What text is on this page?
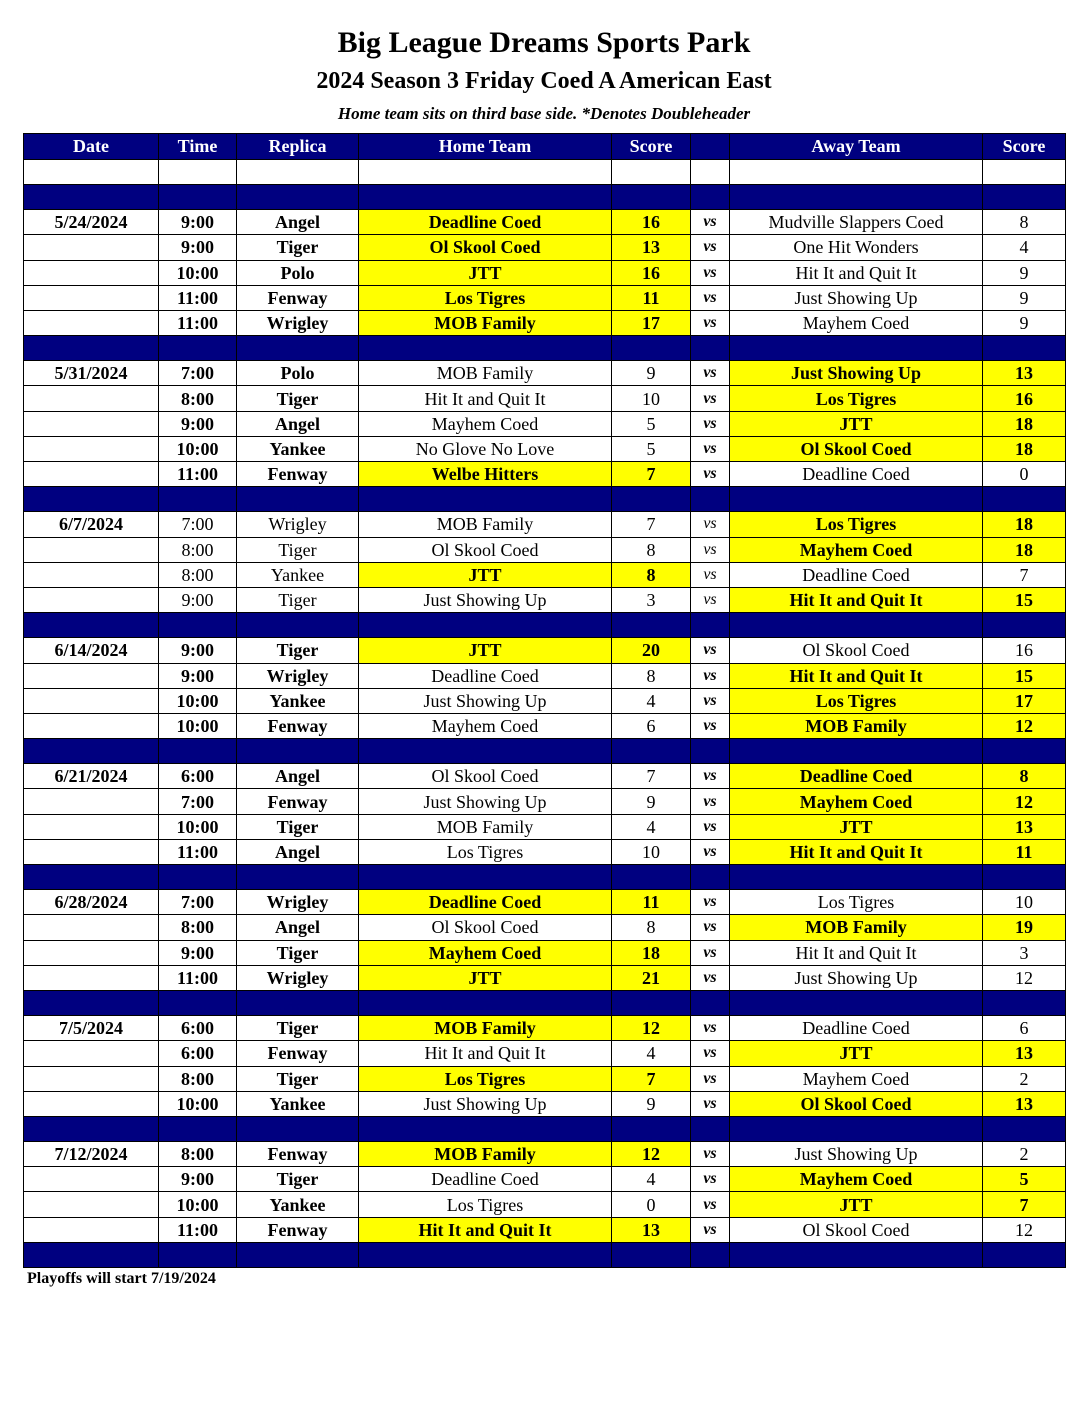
Big League Dreams Sports Park
2024 Season 3 Friday Coed A American East
Home team sits on third base side. *Denotes Doubleheader
Date	Time	Replica	Home Team	Score		Away Team	Score

5/24/2024	9:00	Angel	Deadline Coed	16	vs	Mudville Slappers Coed	8
	9:00	Tiger	Ol Skool Coed	13	vs	One Hit Wonders	4
	10:00	Polo	JTT	16	vs	Hit It and Quit It	9
	11:00	Fenway	Los Tigres	11	vs	Just Showing Up	9
	11:00	Wrigley	MOB Family	17	vs	Mayhem Coed	9

5/31/2024	7:00	Polo	MOB Family	9	vs	Just Showing Up	13
	8:00	Tiger	Hit It and Quit It	10	vs	Los Tigres	16
	9:00	Angel	Mayhem Coed	5	vs	JTT	18
	10:00	Yankee	No Glove No Love	5	vs	Ol Skool Coed	18
	11:00	Fenway	Welbe Hitters	7	vs	Deadline Coed	0

6/7/2024	7:00	Wrigley	MOB Family	7	vs	Los Tigres	18
	8:00	Tiger	Ol Skool Coed	8	vs	Mayhem Coed	18
	8:00	Yankee	JTT	8	vs	Deadline Coed	7
	9:00	Tiger	Just Showing Up	3	vs	Hit It and Quit It	15

6/14/2024	9:00	Tiger	JTT	20	vs	Ol Skool Coed	16
	9:00	Wrigley	Deadline Coed	8	vs	Hit It and Quit It	15
	10:00	Yankee	Just Showing Up	4	vs	Los Tigres	17
	10:00	Fenway	Mayhem Coed	6	vs	MOB Family	12

6/21/2024	6:00	Angel	Ol Skool Coed	7	vs	Deadline Coed	8
	7:00	Fenway	Just Showing Up	9	vs	Mayhem Coed	12
	10:00	Tiger	MOB Family	4	vs	JTT	13
	11:00	Angel	Los Tigres	10	vs	Hit It and Quit It	11

6/28/2024	7:00	Wrigley	Deadline Coed	11	vs	Los Tigres	10
	8:00	Angel	Ol Skool Coed	8	vs	MOB Family	19
	9:00	Tiger	Mayhem Coed	18	vs	Hit It and Quit It	3
	11:00	Wrigley	JTT	21	vs	Just Showing Up	12

7/5/2024	6:00	Tiger	MOB Family	12	vs	Deadline Coed	6
	6:00	Fenway	Hit It and Quit It	4	vs	JTT	13
	8:00	Tiger	Los Tigres	7	vs	Mayhem Coed	2
	10:00	Yankee	Just Showing Up	9	vs	Ol Skool Coed	13

7/12/2024	8:00	Fenway	MOB Family	12	vs	Just Showing Up	2
	9:00	Tiger	Deadline Coed	4	vs	Mayhem Coed	5
	10:00	Yankee	Los Tigres	0	vs	JTT	7
	11:00	Fenway	Hit It and Quit It	13	vs	Ol Skool Coed	12

Playoffs will start 7/19/2024
